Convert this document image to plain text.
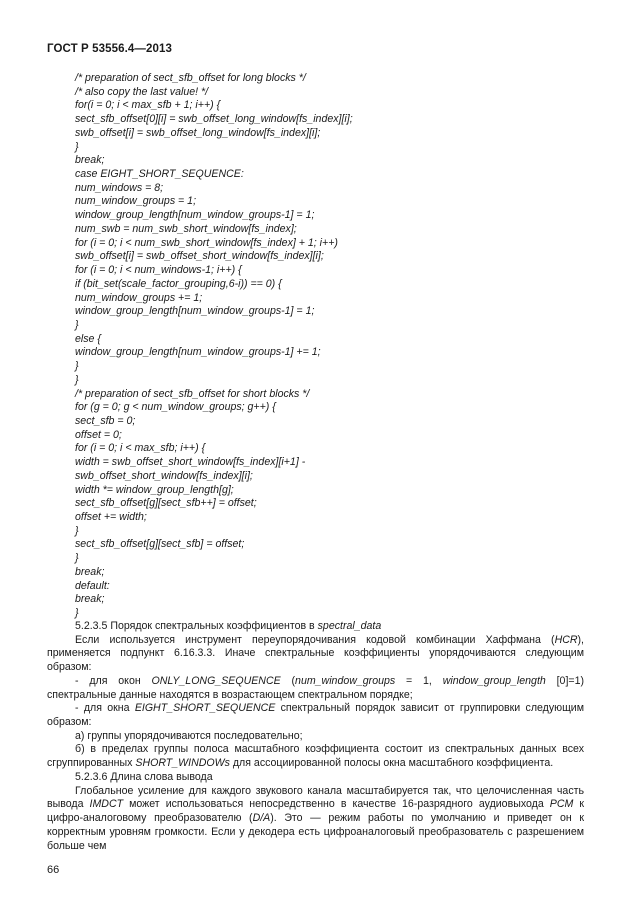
ГОСТ Р 53556.4—2013
/* preparation of sect_sfb_offset for long blocks */
/* also copy the last value! */
for(i = 0; i < max_sfb + 1; i++) {
sect_sfb_offset[0][i] = swb_offset_long_window[fs_index][i];
swb_offset[i] = swb_offset_long_window[fs_index][i];
}
break;
case EIGHT_SHORT_SEQUENCE:
num_windows = 8;
num_window_groups = 1;
window_group_length[num_window_groups-1] = 1;
num_swb = num_swb_short_window[fs_index];
for (i = 0; i < num_swb_short_window[fs_index] + 1; i++)
swb_offset[i] = swb_offset_short_window[fs_index][i];
for (i = 0; i < num_windows-1; i++) {
if (bit_set(scale_factor_grouping,6-i)) == 0) {
num_window_groups += 1;
window_group_length[num_window_groups-1] = 1;
}
else {
window_group_length[num_window_groups-1] += 1;
}
}
/* preparation of sect_sfb_offset for short blocks */
for (g = 0; g < num_window_groups; g++) {
sect_sfb = 0;
offset = 0;
for (i = 0; i < max_sfb; i++) {
width = swb_offset_short_window[fs_index][i+1] -
swb_offset_short_window[fs_index][i];
width *= window_group_length[g];
sect_sfb_offset[g][sect_sfb++] = offset;
offset += width;
}
sect_sfb_offset[g][sect_sfb] = offset;
}
break;
default:
break;
}
5.2.3.5 Порядок спектральных коэффициентов в spectral_data
Если используется инструмент переупорядочивания кодовой комбинации Хаффмана (HCR), применяется подпункт 6.16.3.3. Иначе спектральные коэффициенты упорядочиваются следующим образом:
- для окон ONLY_LONG_SEQUENCE (num_window_groups = 1, window_group_length [0]=1) спектральные данные находятся в возрастающем спектральном порядке;
- для окна EIGHT_SHORT_SEQUENCE спектральный порядок зависит от группировки следующим образом:
а) группы упорядочиваются последовательно;
б) в пределах группы полоса масштабного коэффициента состоит из спектральных данных всех сгруппированных SHORT_WINDOWs для ассоциированной полосы окна масштабного коэффициента.
5.2.3.6 Длина слова вывода
Глобальное усиление для каждого звукового канала масштабируется так, что целочисленная часть вывода IMDCT может использоваться непосредственно в качестве 16-разрядного аудиовыхода PCM к цифро-аналоговому преобразователю (D/A). Это — режим работы по умолчанию и приведет он к корректным уровням громкости. Если у декодера есть цифроаналоговый преобразователь с разрешением больше чем
66
